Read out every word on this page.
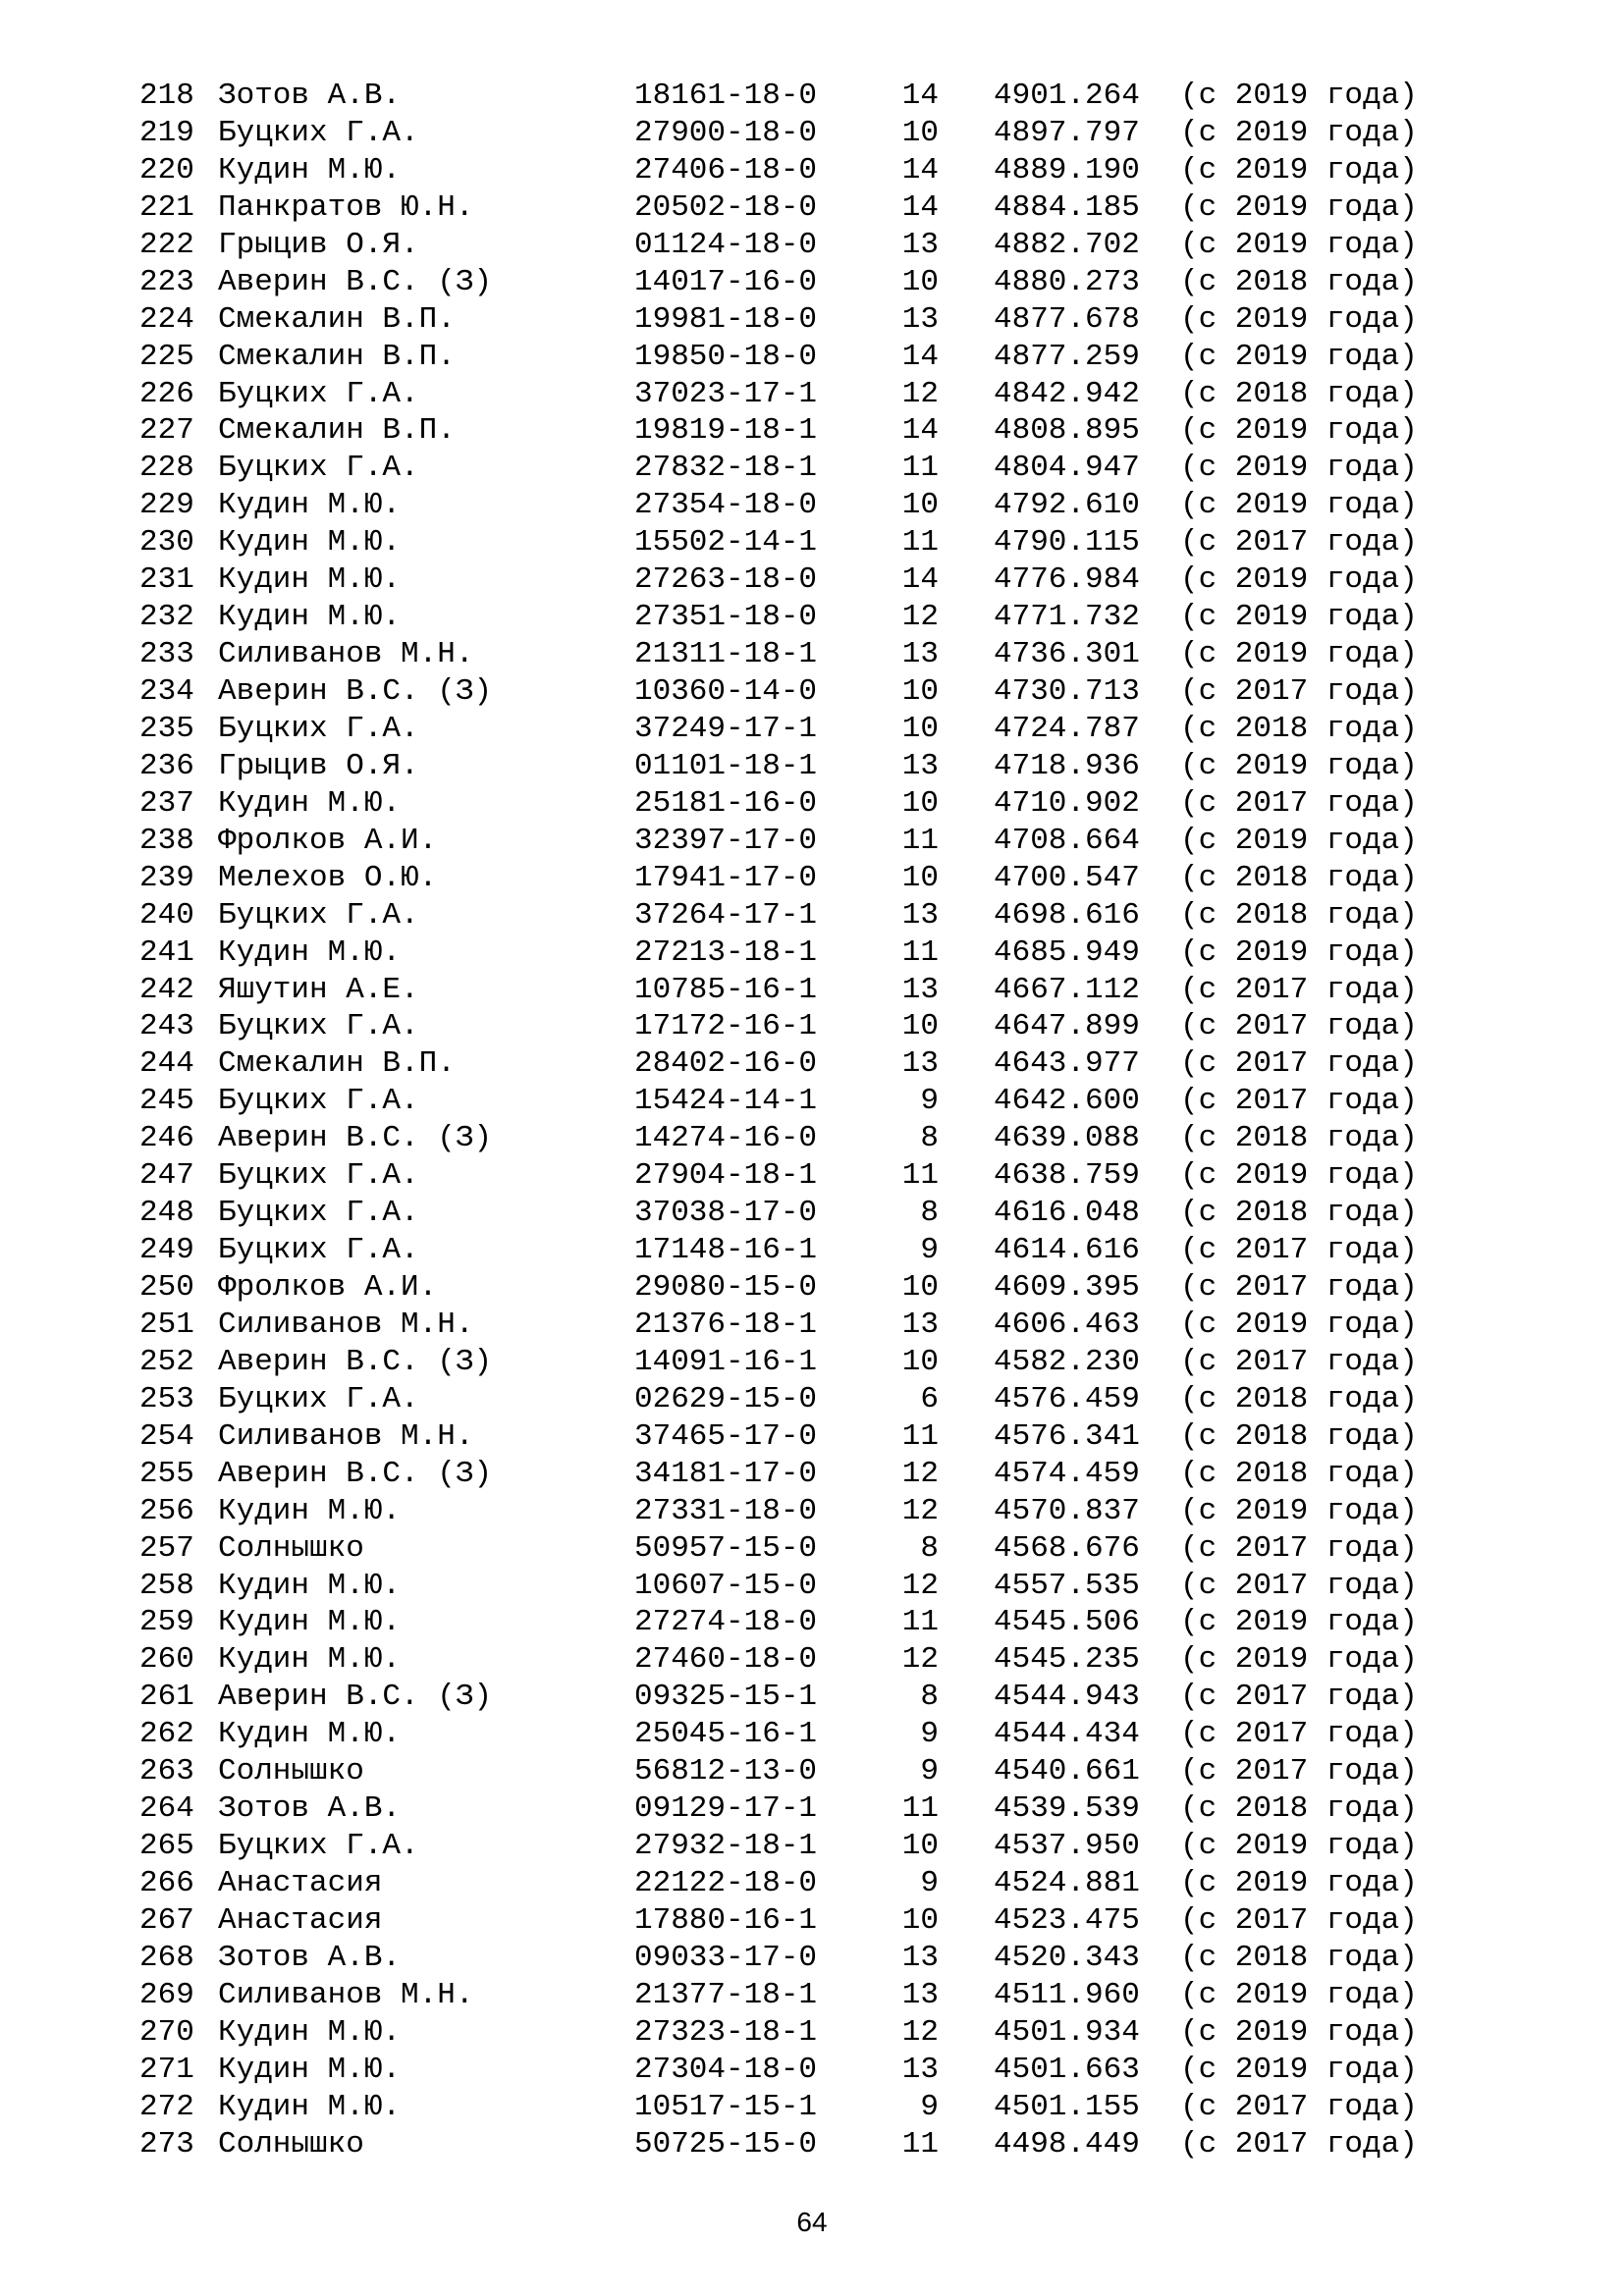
218 Зотов А.В.	18161-18-0	14 4901.264 (с 2019 года)
219 Буцких Г.А.	27900-18-0	10 4897.797 (с 2019 года)
220 Кудин М.Ю.	27406-18-0	14 4889.190 (с 2019 года)
221 Панкратов Ю.Н.	20502-18-0	14 4884.185 (с 2019 года)
222 Грыцив О.Я.	01124-18-0	13 4882.702 (с 2019 года)
223 Аверин В.С. (З)	14017-16-0	10 4880.273 (с 2018 года)
224 Смекалин В.П.	19981-18-0	13 4877.678 (с 2019 года)
225 Смекалин В.П.	19850-18-0	14 4877.259 (с 2019 года)
226 Буцких Г.А.	37023-17-1	12 4842.942 (с 2018 года)
227 Смекалин В.П.	19819-18-1	14 4808.895 (с 2019 года)
228 Буцких Г.А.	27832-18-1	11 4804.947 (с 2019 года)
229 Кудин М.Ю.	27354-18-0	10 4792.610 (с 2019 года)
230 Кудин М.Ю.	15502-14-1	11 4790.115 (с 2017 года)
231 Кудин М.Ю.	27263-18-0	14 4776.984 (с 2019 года)
232 Кудин М.Ю.	27351-18-0	12 4771.732 (с 2019 года)
233 Силиванов М.Н.	21311-18-1	13 4736.301 (с 2019 года)
234 Аверин В.С. (З)	10360-14-0	10 4730.713 (с 2017 года)
235 Буцких Г.А.	37249-17-1	10 4724.787 (с 2018 года)
236 Грыцив О.Я.	01101-18-1	13 4718.936 (с 2019 года)
237 Кудин М.Ю.	25181-16-0	10 4710.902 (с 2017 года)
238 Фролков А.И.	32397-17-0	11 4708.664 (с 2019 года)
239 Мелехов О.Ю.	17941-17-0	10 4700.547 (с 2018 года)
240 Буцких Г.А.	37264-17-1	13 4698.616 (с 2018 года)
241 Кудин М.Ю.	27213-18-1	11 4685.949 (с 2019 года)
242 Яшутин А.Е.	10785-16-1	13 4667.112 (с 2017 года)
243 Буцких Г.А.	17172-16-1	10 4647.899 (с 2017 года)
244 Смекалин В.П.	28402-16-0	13 4643.977 (с 2017 года)
245 Буцких Г.А.	15424-14-1	9 4642.600 (с 2017 года)
246 Аверин В.С. (З)	14274-16-0	8 4639.088 (с 2018 года)
247 Буцких Г.А.	27904-18-1	11 4638.759 (с 2019 года)
248 Буцких Г.А.	37038-17-0	8 4616.048 (с 2018 года)
249 Буцких Г.А.	17148-16-1	9 4614.616 (с 2017 года)
250 Фролков А.И.	29080-15-0	10 4609.395 (с 2017 года)
251 Силиванов М.Н.	21376-18-1	13 4606.463 (с 2019 года)
252 Аверин В.С. (З)	14091-16-1	10 4582.230 (с 2017 года)
253 Буцких Г.А.	02629-15-0	6 4576.459 (с 2018 года)
254 Силиванов М.Н.	37465-17-0	11 4576.341 (с 2018 года)
255 Аверин В.С. (З)	34181-17-0	12 4574.459 (с 2018 года)
256 Кудин М.Ю.	27331-18-0	12 4570.837 (с 2019 года)
257 Солнышко	50957-15-0	8 4568.676 (с 2017 года)
258 Кудин М.Ю.	10607-15-0	12 4557.535 (с 2017 года)
259 Кудин М.Ю.	27274-18-0	11 4545.506 (с 2019 года)
260 Кудин М.Ю.	27460-18-0	12 4545.235 (с 2019 года)
261 Аверин В.С. (З)	09325-15-1	8 4544.943 (с 2017 года)
262 Кудин М.Ю.	25045-16-1	9 4544.434 (с 2017 года)
263 Солнышко	56812-13-0	9 4540.661 (с 2017 года)
264 Зотов А.В.	09129-17-1	11 4539.539 (с 2018 года)
265 Буцких Г.А.	27932-18-1	10 4537.950 (с 2019 года)
266 Анастасия	22122-18-0	9 4524.881 (с 2019 года)
267 Анастасия	17880-16-1	10 4523.475 (с 2017 года)
268 Зотов А.В.	09033-17-0	13 4520.343 (с 2018 года)
269 Силиванов М.Н.	21377-18-1	13 4511.960 (с 2019 года)
270 Кудин М.Ю.	27323-18-1	12 4501.934 (с 2019 года)
271 Кудин М.Ю.	27304-18-0	13 4501.663 (с 2019 года)
272 Кудин М.Ю.	10517-15-1	9 4501.155 (с 2017 года)
273 Солнышко	50725-15-0	11 4498.449 (с 2017 года)
64
